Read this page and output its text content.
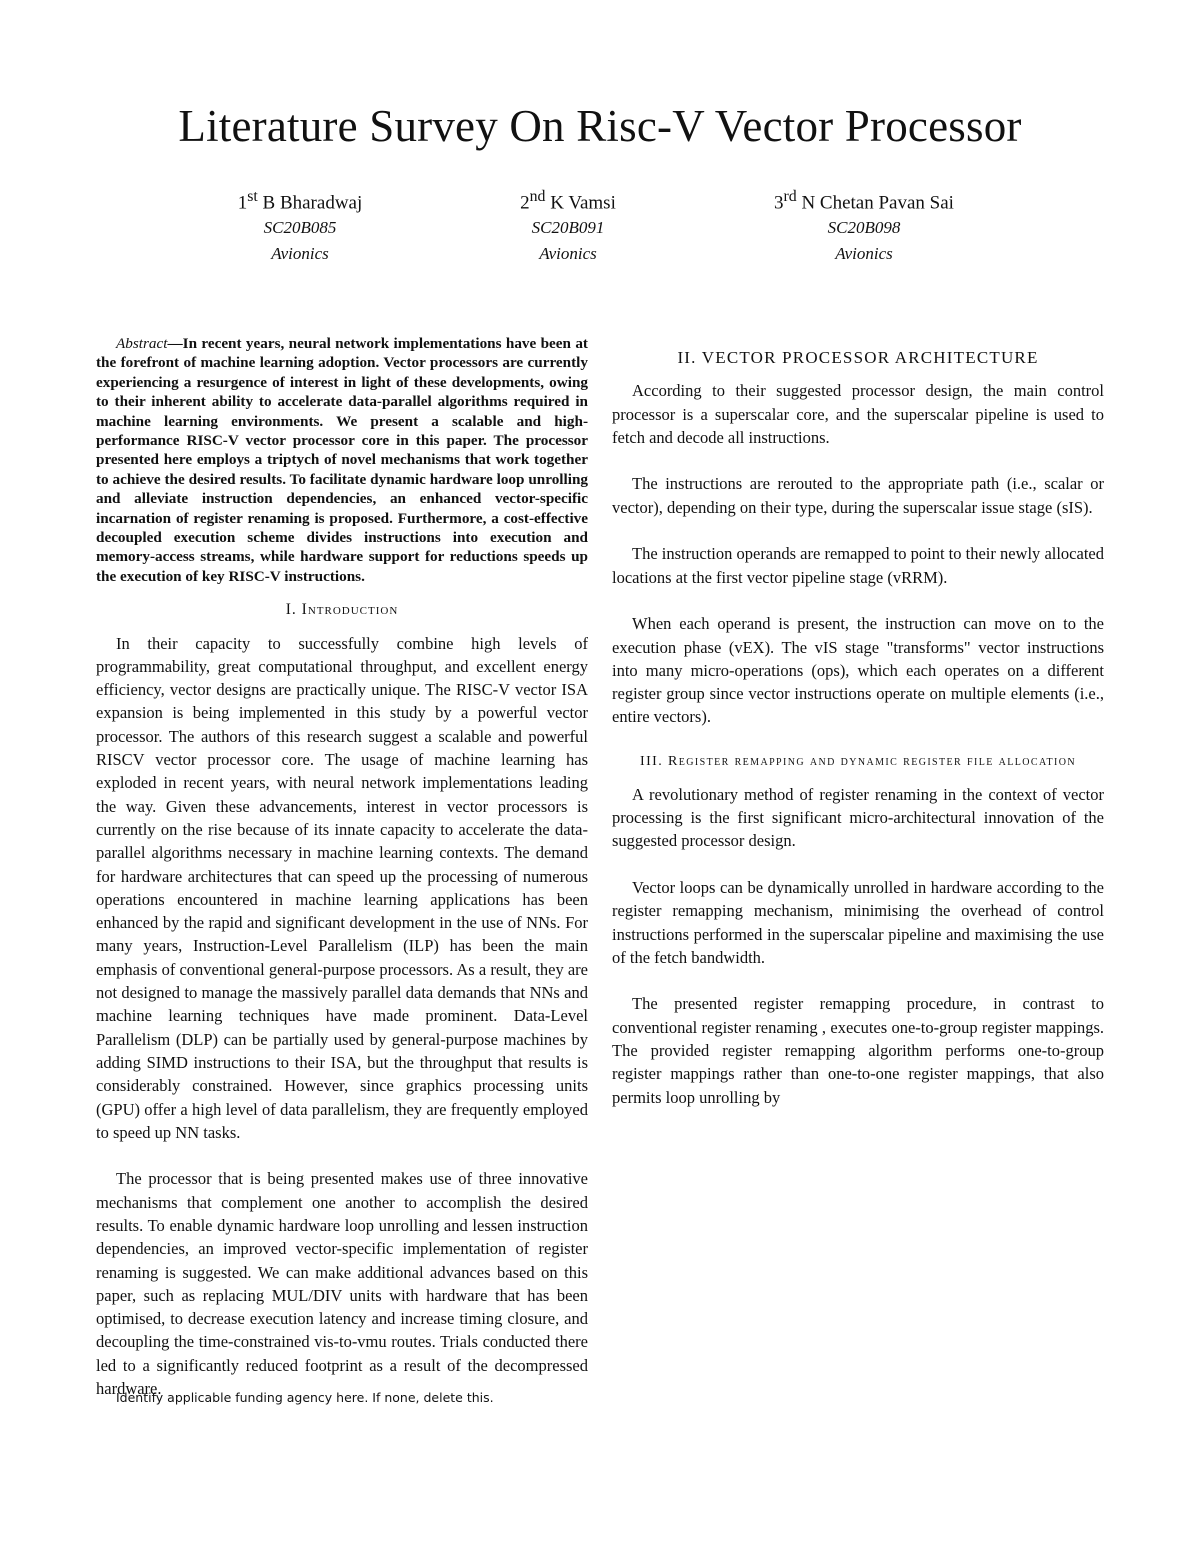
Literature Survey On Risc-V Vector Processor
1st B Bharadwaj
SC20B085
Avionics
2nd K Vamsi
SC20B091
Avionics
3rd N Chetan Pavan Sai
SC20B098
Avionics

Abstract—In recent years, neural network implementations have been at the forefront of machine learning adoption. Vector processors are currently experiencing a resurgence of interest in light of these developments, owing to their inherent ability to accelerate data-parallel algorithms required in machine learning environments. We present a scalable and high-performance RISC-V vector processor core in this paper. The processor presented here employs a triptych of novel mechanisms that work together to achieve the desired results. To facilitate dynamic hardware loop unrolling and alleviate instruction dependencies, an enhanced vector-specific incarnation of register renaming is proposed. Furthermore, a cost-effective decoupled execution scheme divides instructions into execution and memory-access streams, while hardware support for reductions speeds up the execution of key RISC-V instructions.

I. Introduction

In their capacity to successfully combine high levels of programmability, great computational throughput, and excellent energy efficiency, vector designs are practically unique. The RISC-V vector ISA expansion is being implemented in this study by a powerful vector processor. The authors of this research suggest a scalable and powerful RISCV vector processor core. The usage of machine learning has exploded in recent years, with neural network implementations leading the way. Given these advancements, interest in vector processors is currently on the rise because of its innate capacity to accelerate the data-parallel algorithms necessary in machine learning contexts. The demand for hardware architectures that can speed up the processing of numerous operations encountered in machine learning applications has been enhanced by the rapid and significant development in the use of NNs. For many years, Instruction-Level Parallelism (ILP) has been the main emphasis of conventional general-purpose processors. As a result, they are not designed to manage the massively parallel data demands that NNs and machine learning techniques have made prominent. Data-Level Parallelism (DLP) can be partially used by general-purpose machines by adding SIMD instructions to their ISA, but the throughput that results is considerably constrained. However, since graphics processing units (GPU) offer a high level of data parallelism, they are frequently employed to speed up NN tasks.

The processor that is being presented makes use of three innovative mechanisms that complement one another to accomplish the desired results. To enable dynamic hardware loop unrolling and lessen instruction dependencies, an improved vector-specific implementation of register renaming is suggested. We can make additional advances based on this paper, such as replacing MUL/DIV units with hardware that has been optimised, to decrease execution latency and increase timing closure, and decoupling the time-constrained vis-to-vmu routes. Trials conducted there led to a significantly reduced footprint as a result of the decompressed hardware.

II. VECTOR PROCESSOR ARCHITECTURE

According to their suggested processor design, the main control processor is a superscalar core, and the superscalar pipeline is used to fetch and decode all instructions.

The instructions are rerouted to the appropriate path (i.e., scalar or vector), depending on their type, during the superscalar issue stage (sIS).

The instruction operands are remapped to point to their newly allocated locations at the first vector pipeline stage (vRRM).

When each operand is present, the instruction can move on to the execution phase (vEX). The vIS stage "transforms" vector instructions into many micro-operations (ops), which each operates on a different register group since vector instructions operate on multiple elements (i.e., entire vectors).

III. Register remapping and dynamic register file allocation

A revolutionary method of register renaming in the context of vector processing is the first significant micro-architectural innovation of the suggested processor design.

Vector loops can be dynamically unrolled in hardware according to the register remapping mechanism, minimising the overhead of control instructions performed in the superscalar pipeline and maximising the use of the fetch bandwidth.

The presented register remapping procedure, in contrast to conventional register renaming , executes one-to-group register mappings. The provided register remapping algorithm performs one-to-group register mappings rather than one-to-one register mappings, that also permits loop unrolling by

Identify applicable funding agency here. If none, delete this.
